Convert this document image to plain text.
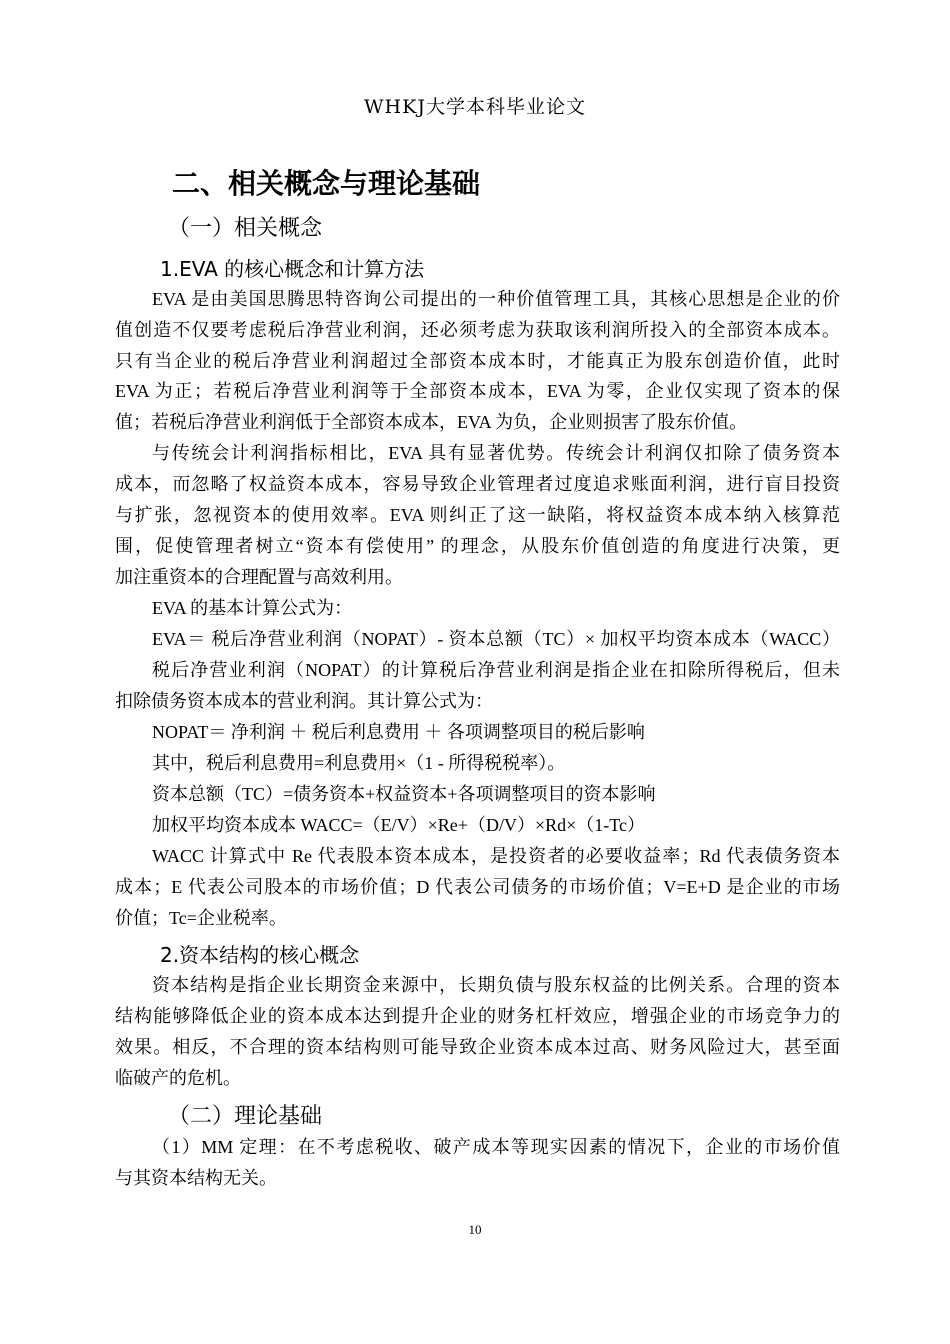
WHKJ大学本科毕业论文
二、相关概念与理论基础
（一）相关概念
1.EVA 的核心概念和计算方法
EVA 是由美国思腾思特咨询公司提出的一种价值管理工具，其核心思想是企业的价
值创造不仅要考虑税后净营业利润，还必须考虑为获取该利润所投入的全部资本成本。
只有当企业的税后净营业利润超过全部资本成本时，才能真正为股东创造价值，此时
EVA 为正；若税后净营业利润等于全部资本成本，EVA 为零，企业仅实现了资本的保
值；若税后净营业利润低于全部资本成本，EVA 为负，企业则损害了股东价值。
与传统会计利润指标相比，EVA 具有显著优势。传统会计利润仅扣除了债务资本
成本，而忽略了权益资本成本，容易导致企业管理者过度追求账面利润，进行盲目投资
与扩张，忽视资本的使用效率。EVA 则纠正了这一缺陷，将权益资本成本纳入核算范
围，促使管理者树立“资本有偿使用” 的理念，从股东价值创造的角度进行决策，更
加注重资本的合理配置与高效利用。
EVA 的基本计算公式为：
EVA＝ 税后净营业利润（NOPAT）- 资本总额（TC）× 加权平均资本成本（WACC）
税后净营业利润（NOPAT）的计算税后净营业利润是指企业在扣除所得税后，但未
扣除债务资本成本的营业利润。其计算公式为：
NOPAT＝ 净利润 ＋ 税后利息费用 ＋ 各项调整项目的税后影响
其中，税后利息费用=利息费用×（1 - 所得税税率）。
资本总额（TC）=债务资本+权益资本+各项调整项目的资本影响
加权平均资本成本 WACC=（E/V）×Re+（D/V）×Rd×（1-Tc）
WACC 计算式中 Re 代表股本资本成本，是投资者的必要收益率；Rd 代表债务资本
成本；E 代表公司股本的市场价值；D 代表公司债务的市场价值；V=E+D 是企业的市场
价值；Tc=企业税率。
2.资本结构的核心概念
资本结构是指企业长期资金来源中，长期负债与股东权益的比例关系。合理的资本
结构能够降低企业的资本成本达到提升企业的财务杠杆效应，增强企业的市场竞争力的
效果。相反，不合理的资本结构则可能导致企业资本成本过高、财务风险过大，甚至面
临破产的危机。
（二）理论基础
（1）MM 定理：在不考虑税收、破产成本等现实因素的情况下，企业的市场价值
与其资本结构无关。
10
